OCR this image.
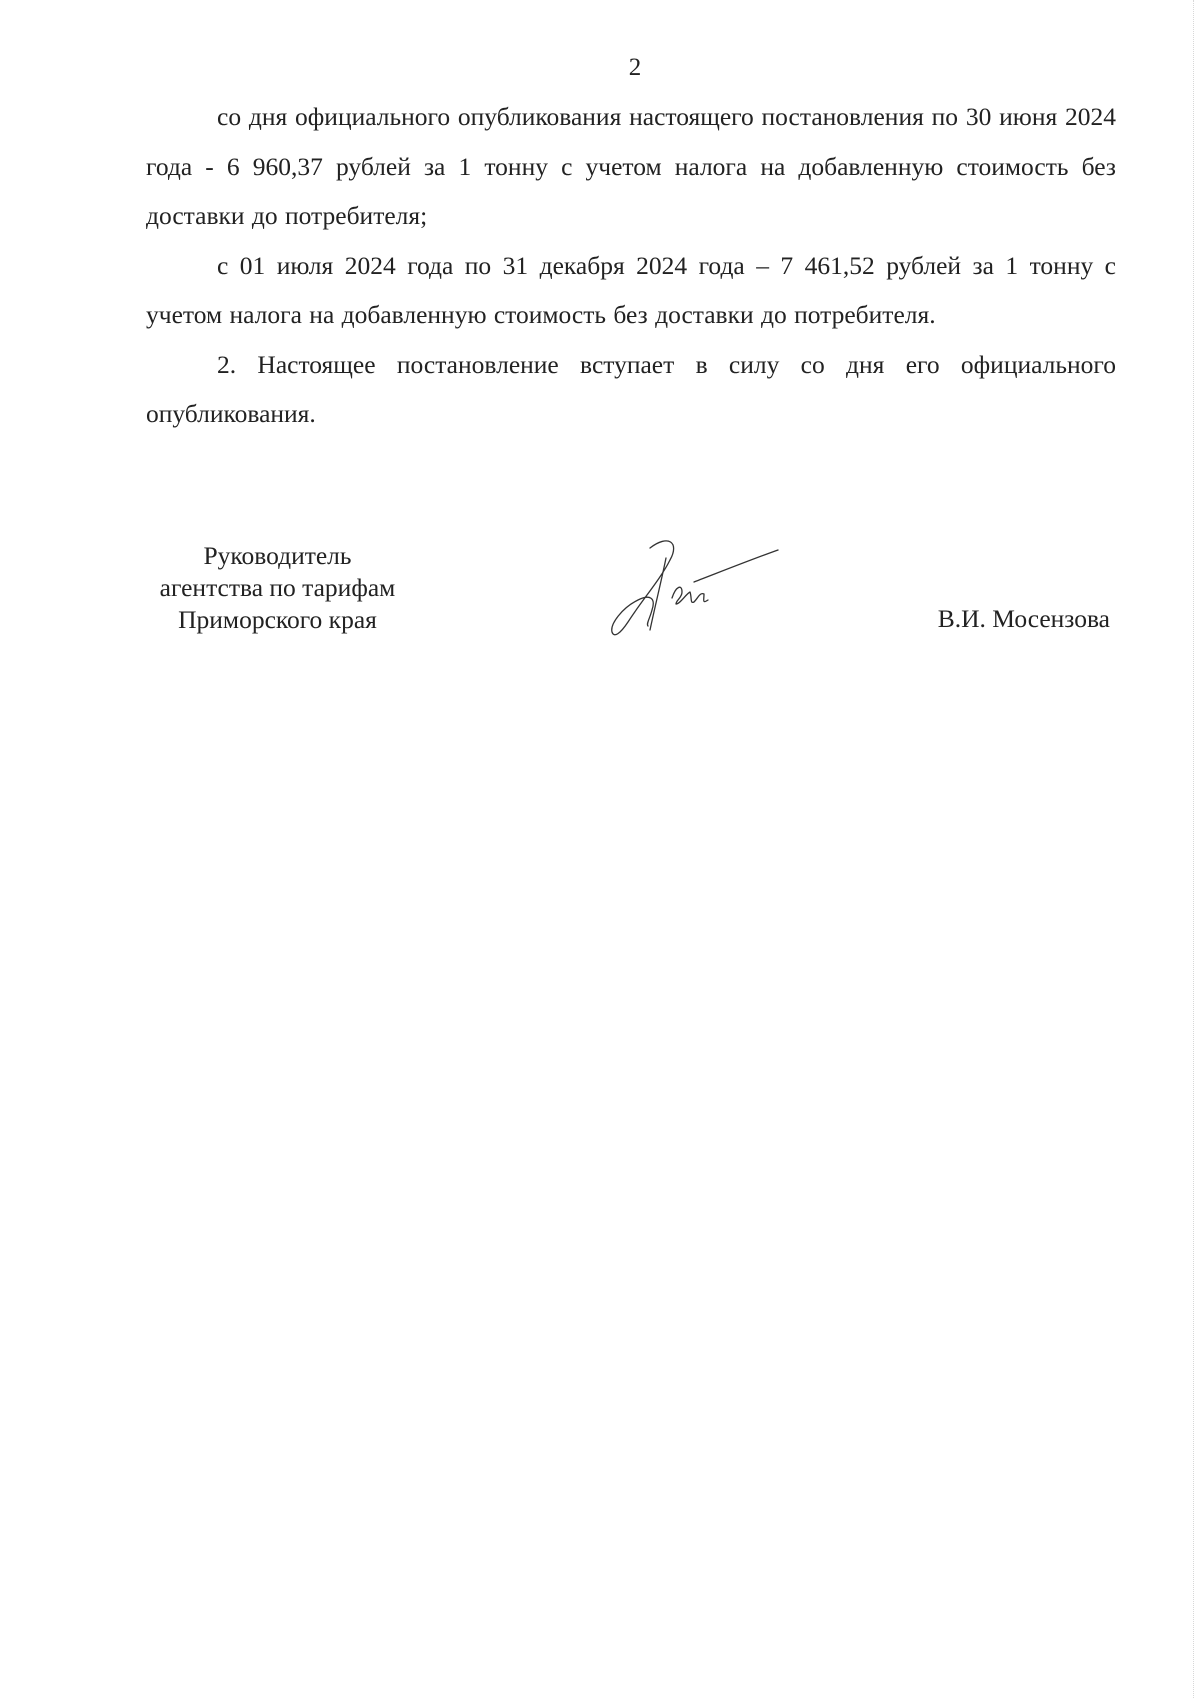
2

со дня официального опубликования настоящего постановления по 30 июня 2024 года - 6 960,37 рублей за 1 тонну с учетом налога на добавленную стоимость без доставки до потребителя;

с 01 июля 2024 года по 31 декабря 2024 года – 7 461,52 рублей за 1 тонну с учетом налога на добавленную стоимость без доставки до потребителя.

2. Настоящее постановление вступает в силу со дня его официального опубликования.

Руководитель
агентства по тарифам
Приморского края	В.И. Мосензова
